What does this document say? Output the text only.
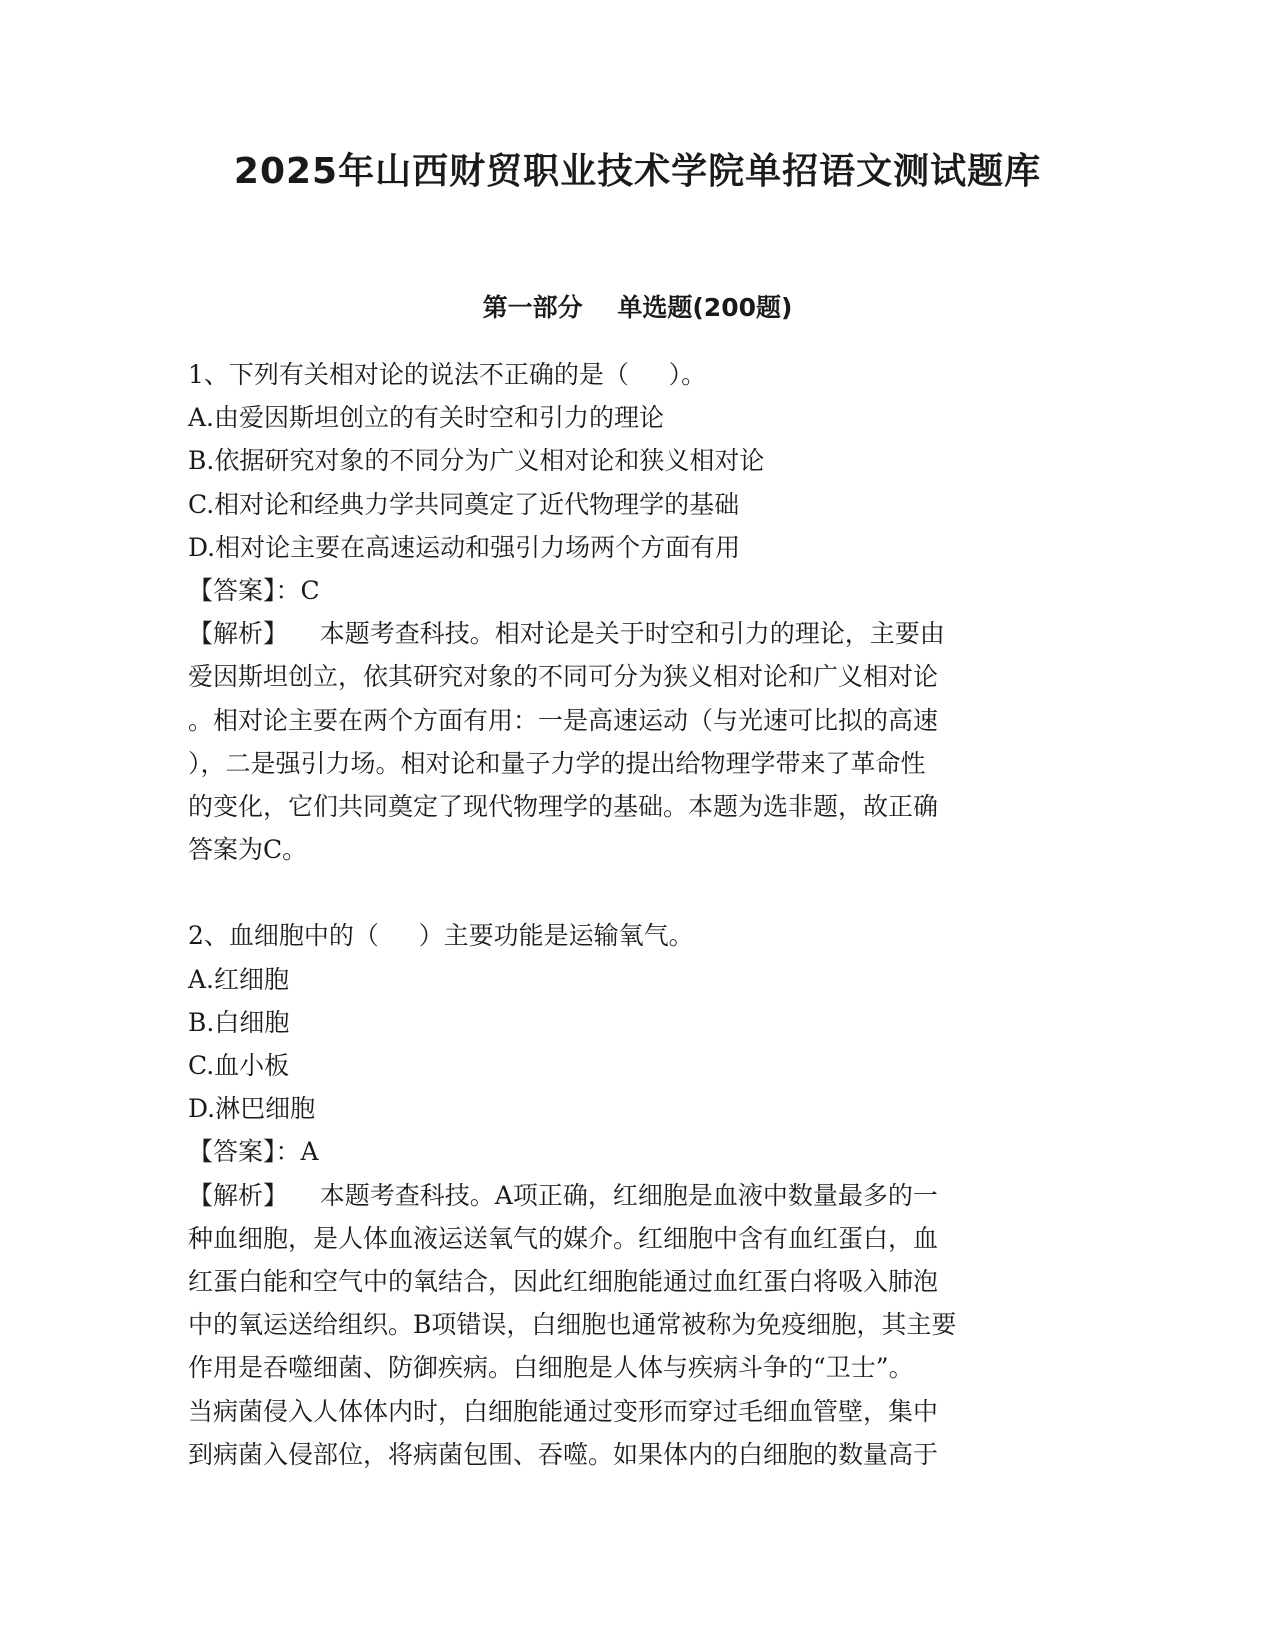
2025年山西财贸职业技术学院单招语文测试题库
第一部分    单选题(200题)
1、下列有关相对论的说法不正确的是（     ）。
A.由爱因斯坦创立的有关时空和引力的理论
B.依据研究对象的不同分为广义相对论和狭义相对论
C.相对论和经典力学共同奠定了近代物理学的基础
D.相对论主要在高速运动和强引力场两个方面有用
【答案】：C
【解析】    本题考查科技。相对论是关于时空和引力的理论，主要由
爱因斯坦创立，依其研究对象的不同可分为狭义相对论和广义相对论
。相对论主要在两个方面有用：一是高速运动（与光速可比拟的高速
），二是强引力场。相对论和量子力学的提出给物理学带来了革命性
的变化，它们共同奠定了现代物理学的基础。本题为选非题，故正确
答案为C。
2、血细胞中的（     ）主要功能是运输氧气。
A.红细胞
B.白细胞
C.血小板
D.淋巴细胞
【答案】：A
【解析】    本题考查科技。A项正确，红细胞是血液中数量最多的一
种血细胞，是人体血液运送氧气的媒介。红细胞中含有血红蛋白，血
红蛋白能和空气中的氧结合，因此红细胞能通过血红蛋白将吸入肺泡
中的氧运送给组织。B项错误，白细胞也通常被称为免疫细胞，其主要
作用是吞噬细菌、防御疾病。白细胞是人体与疾病斗争的“卫士”。
当病菌侵入人体体内时，白细胞能通过变形而穿过毛细血管壁，集中
到病菌入侵部位，将病菌包围、吞噬。如果体内的白细胞的数量高于
